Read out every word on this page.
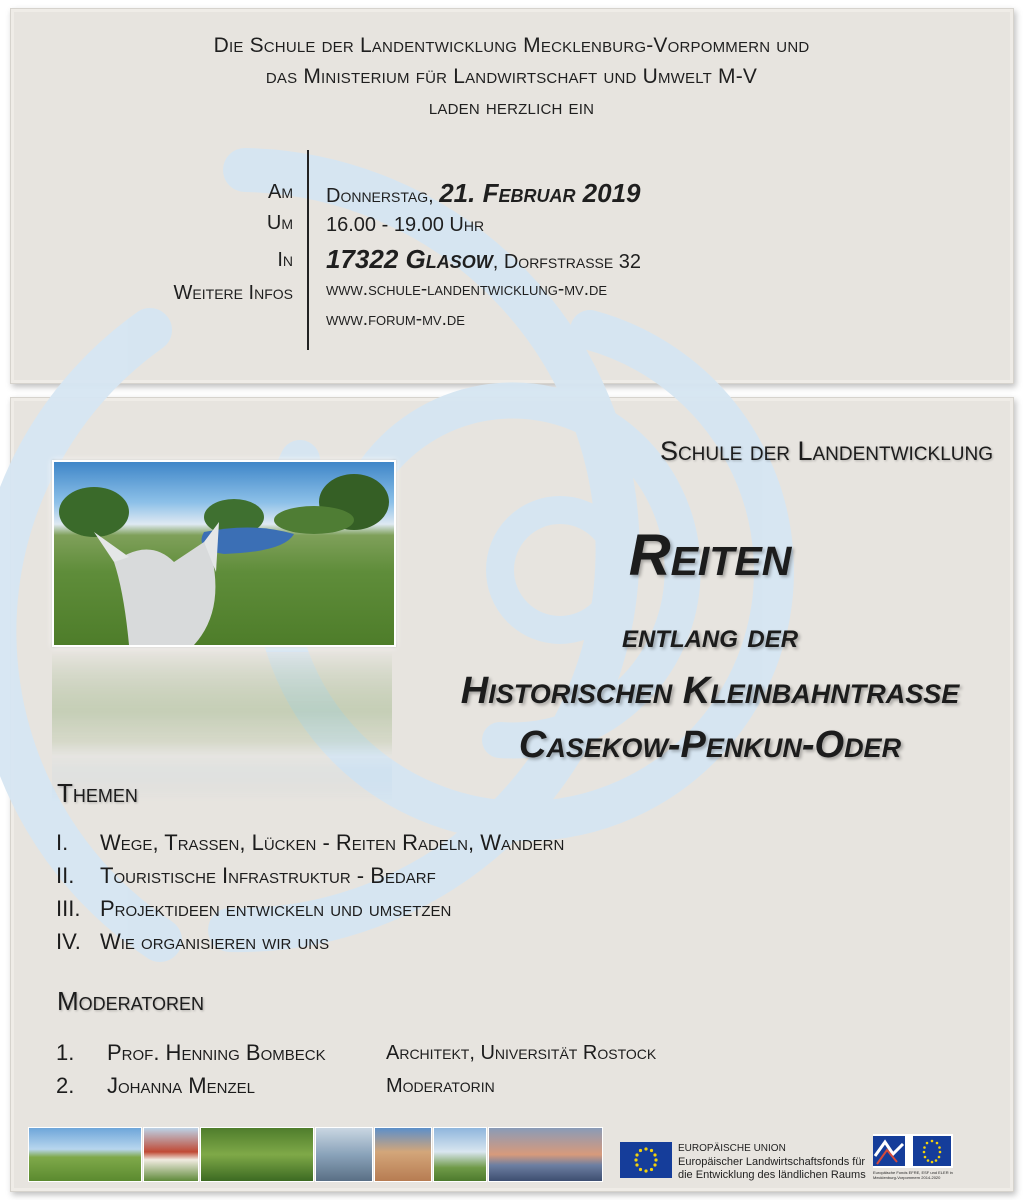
Die Schule der Landentwicklung Mecklenburg-Vorpommern und
das Ministerium für Landwirtschaft und Umwelt M-V
laden herzlich ein
Am Donnerstag, 21. Februar 2019
Um 16.00 - 19.00 Uhr
In 17322 Glasow, Dorfstraße 32
Weitere Infos www.schule-landentwicklung-mv.de
www.forum-mv.de
Schule der Landentwicklung
Reiten
entlang der
Historischen Kleinbahntrasse
Casekow-Penkun-Oder
Themen
I. Wege, Trassen, Lücken - Reiten Radeln, Wandern
II. Touristische Infrastruktur - Bedarf
III. Projektideen entwickeln und umsetzen
IV. Wie organisieren wir uns
Moderatoren
1. Prof. Henning Bombeck	Architekt, Universität Rostock
2. Johanna Menzel	Moderatorin
EUROPÄISCHE UNION
Europäischer Landwirtschaftsfonds für
die Entwicklung des ländlichen Raums	Europäische Fonds EFRE, ESF und ELER in Mecklenburg-Vorpommern 2014-2020
